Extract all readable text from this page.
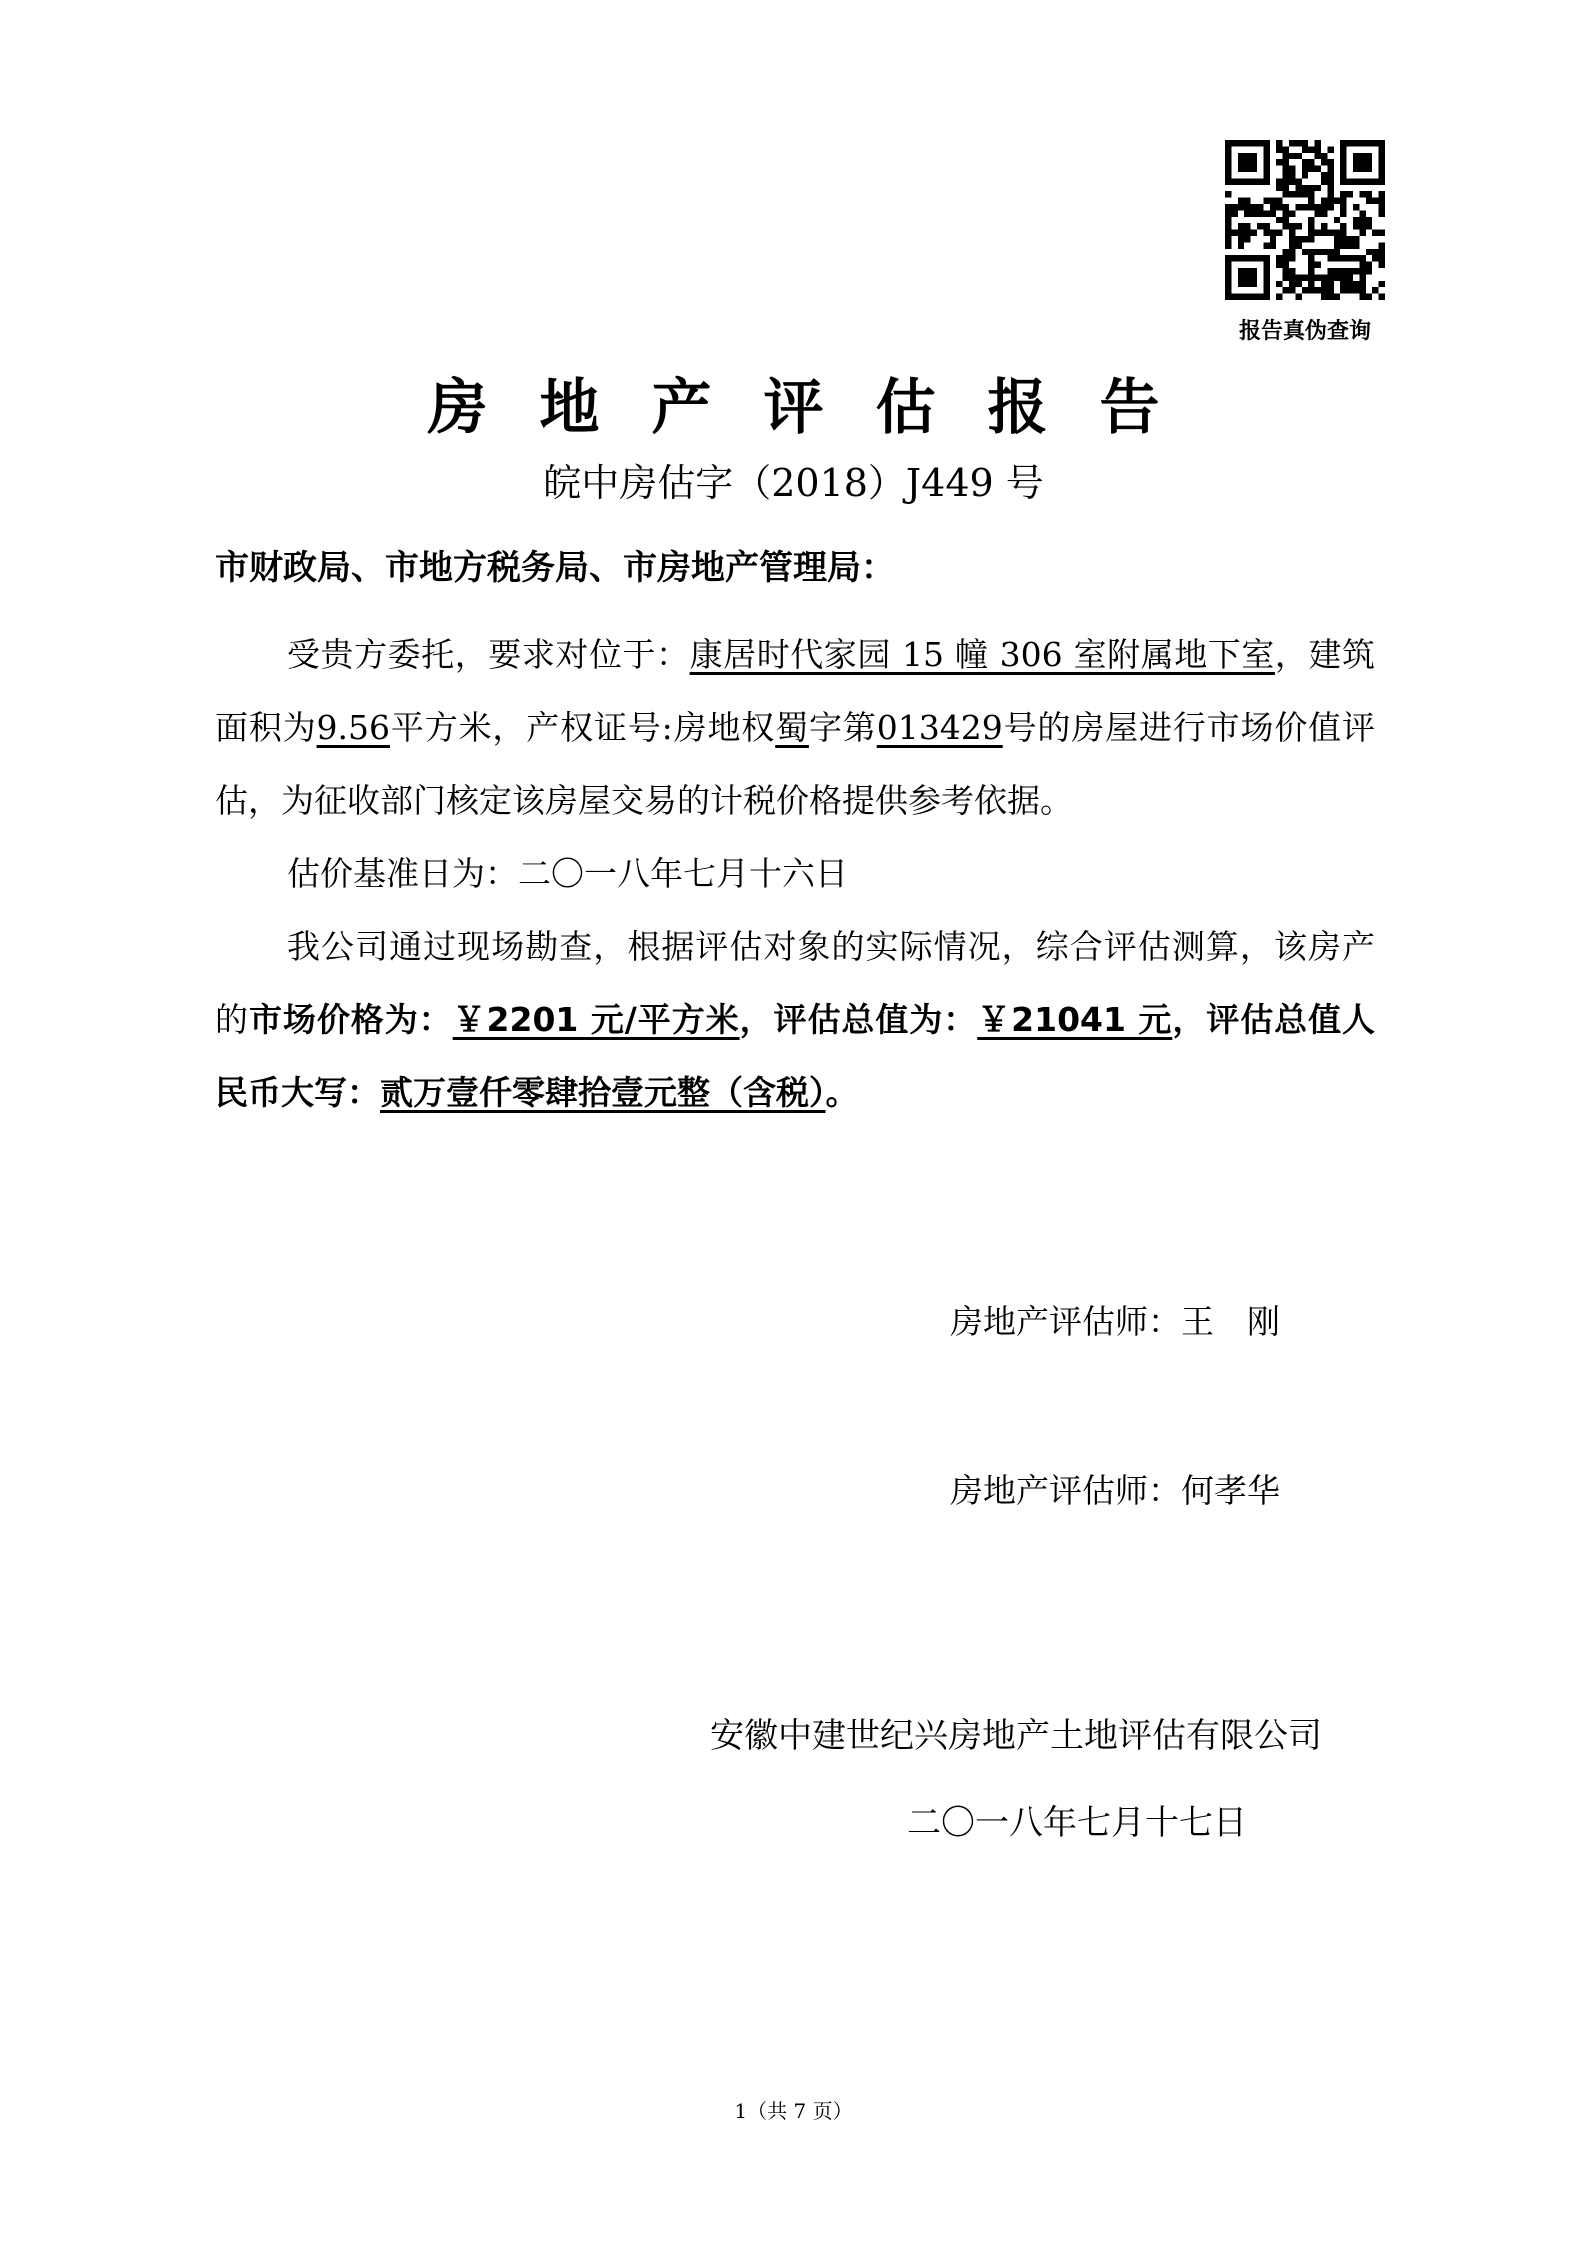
报告真伪查询
房地产评估报告
皖中房估字（2018）J449 号
市财政局、市地方税务局、市房地产管理局：

受贵方委托，要求对位于：康居时代家园 15 幢 306 室附属地下室，建筑面积为9.56平方米，产权证号:房地权蜀字第013429号的房屋进行市场价值评估，为征收部门核定该房屋交易的计税价格提供参考依据。

估价基准日为：二〇一八年七月十六日

我公司通过现场勘查，根据评估对象的实际情况，综合评估测算，该房产的市场价格为：￥2201 元/平方米，评估总值为：￥21041 元，评估总值人民币大写：贰万壹仟零肆拾壹元整（含税）。

房地产评估师：王　刚
房地产评估师：何孝华
安徽中建世纪兴房地产土地评估有限公司
二〇一八年七月十七日
1（共 7 页）
